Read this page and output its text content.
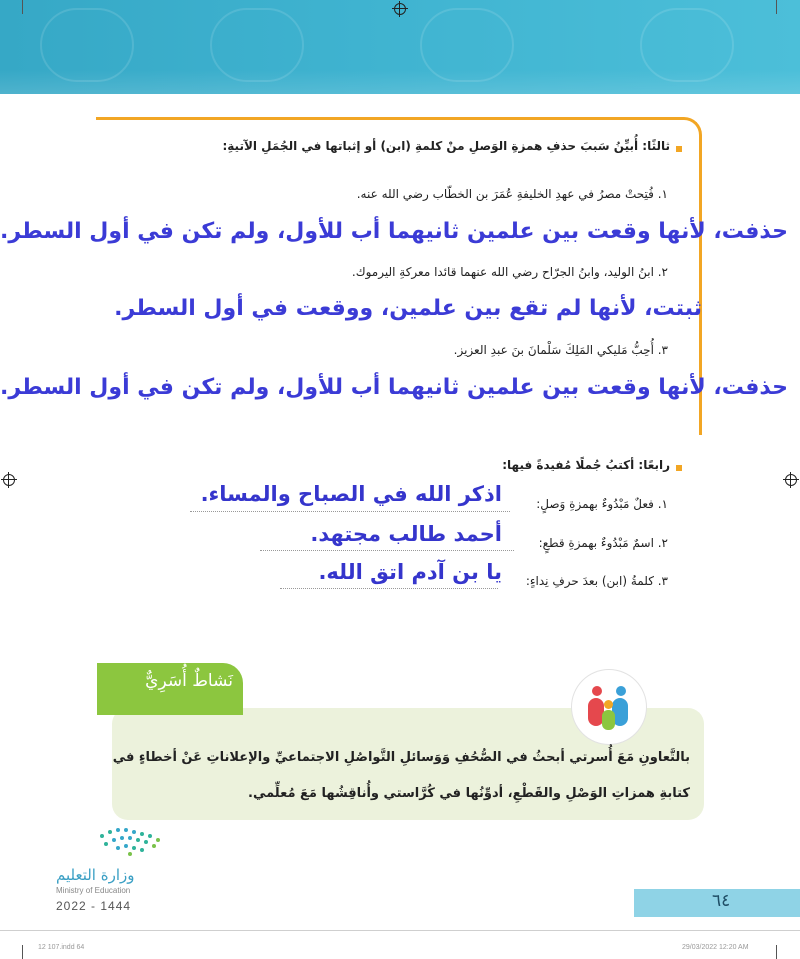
ثالثًا: أُبيِّنُ سَببَ حذفِ همزةِ الوَصلِ منْ كلمةِ (ابن) أو إثباتها في الجُمَلِ الآتيةِ:
١. فُتِحتْ مصرُ في عهدِ الخليفةِ عُمَرَ بن الخطّاب رضي الله عنه.
حذفت، لأنها وقعت بين علمين ثانيهما أب للأول، ولم تكن في أول السطر.
٢. ابنُ الوليد، وابنُ الجرّاح رضي الله عنهما قائدا معركةِ اليرموك.
ثبتت، لأنها لم تقع بين علمين، ووقعت في أول السطر.
٣. أُحِبُّ مَليكي المَلِكَ سَلْمانَ بنَ عبدِ العزيز.
حذفت، لأنها وقعت بين علمين ثانيهما أب للأول، ولم تكن في أول السطر.
رابعًا: أكتبُ جُملًا مُفيدةً فيها:
١. فعلٌ مَبْدُوءٌ بهمزةِ وَصلٍ:
اذكر الله في الصباح والمساء.
٢. اسمٌ مَبْدُوءٌ بهمزةِ قطعٍ:
أحمد طالب مجتهد.
٣. كلمةُ (ابن) بعدَ حرفِ نِداءٍ:
يا بن آدم اتق الله.
نَشاطٌ أُسَرِيٌّ
بالتَّعاونِ مَعَ أُسرتي أبحثُ في الصُّحُفِ وَوَسائلِ التَّواصُلِ الاجتماعيِّ والإعلاناتِ عَنْ أخطاءٍ في
كتابةِ همزاتِ الوَصْلِ والقَطْعِ، أدوِّنُها في كُرَّاستي وأُناقِشُها مَعَ مُعلِّمي.
وزارة التعليم
Ministry of Education
2022 - 1444	٦٤
12 107.indd 64	29/03/2022 12:20 AM
